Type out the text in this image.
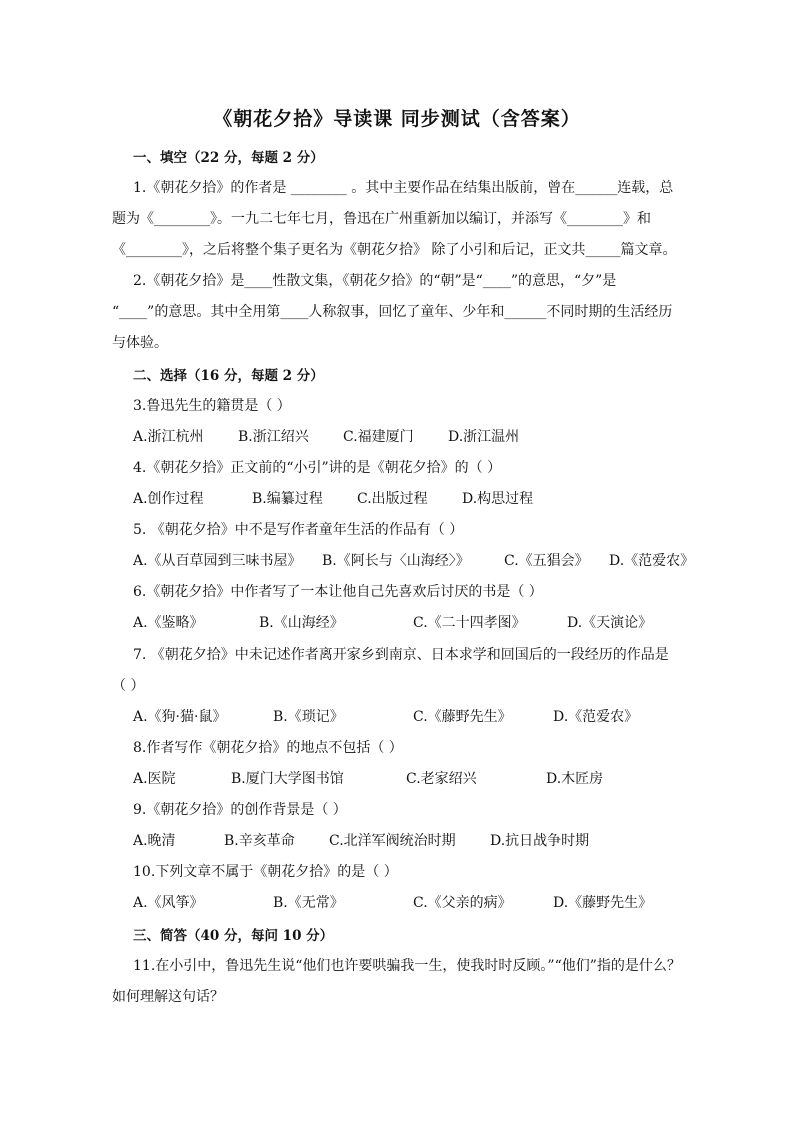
《朝花夕拾》导读课 同步测试（含答案）
一、填空（22 分，每题 2 分）
1.《朝花夕拾》的作者是 ________ 。其中主要作品在结集出版前，曾在______连载，总
题为《________》。一九二七年七月，鲁迅在广州重新加以编订，并添写《________》和
《________》，之后将整个集子更名为《朝花夕拾》 除了小引和后记，正文共_____篇文章。
2.《朝花夕拾》是____性散文集，《朝花夕拾》的“朝”是“____”的意思，“夕”是
“____”的意思。其中全用第____人称叙事，回忆了童年、少年和______不同时期的生活经历
与体验。
二、选择（16 分，每题 2 分）
3.鲁迅先生的籍贯是（ ）
A.浙江杭州 B.浙江绍兴 C.福建厦门 D.浙江温州
4.《朝花夕拾》正文前的“小引”讲的是《朝花夕拾》的（ ）
A.创作过程	B.编纂过程 C.出版过程 D.构思过程
5. 《朝花夕拾》中不是写作者童年生活的作品有（ ）
A.《从百草园到三味书屋》 B.《阿长与〈山海经〉》 C.《五猖会》 D.《范爱农》
6.《朝花夕拾》中作者写了一本让他自己先喜欢后讨厌的书是（ ）
A.《鉴略》	B.《山海经》	C.《二十四孝图》	D.《天演论》
7. 《朝花夕拾》中未记述作者离开家乡到南京、日本求学和回国后的一段经历的作品是
（ ）
A.《狗·猫·鼠》	B.《琐记》	C.《藤野先生》	D.《范爱农》
8.作者写作《朝花夕拾》的地点不包括（ ）
A.医院	B.厦门大学图书馆	C.老家绍兴	D.木匠房
9.《朝花夕拾》的创作背景是（ ）
A.晚清	B.辛亥革命 C.北洋军阀统治时期 D.抗日战争时期
10.下列文章不属于《朝花夕拾》的是（ ）
A.《风筝》	B.《无常》	C.《父亲的病》	D.《藤野先生》
三、简答（40 分，每问 10 分）
11.在小引中，鲁迅先生说“他们也许要哄骗我一生，使我时时反顾。”“他们”指的是什么？
如何理解这句话？
